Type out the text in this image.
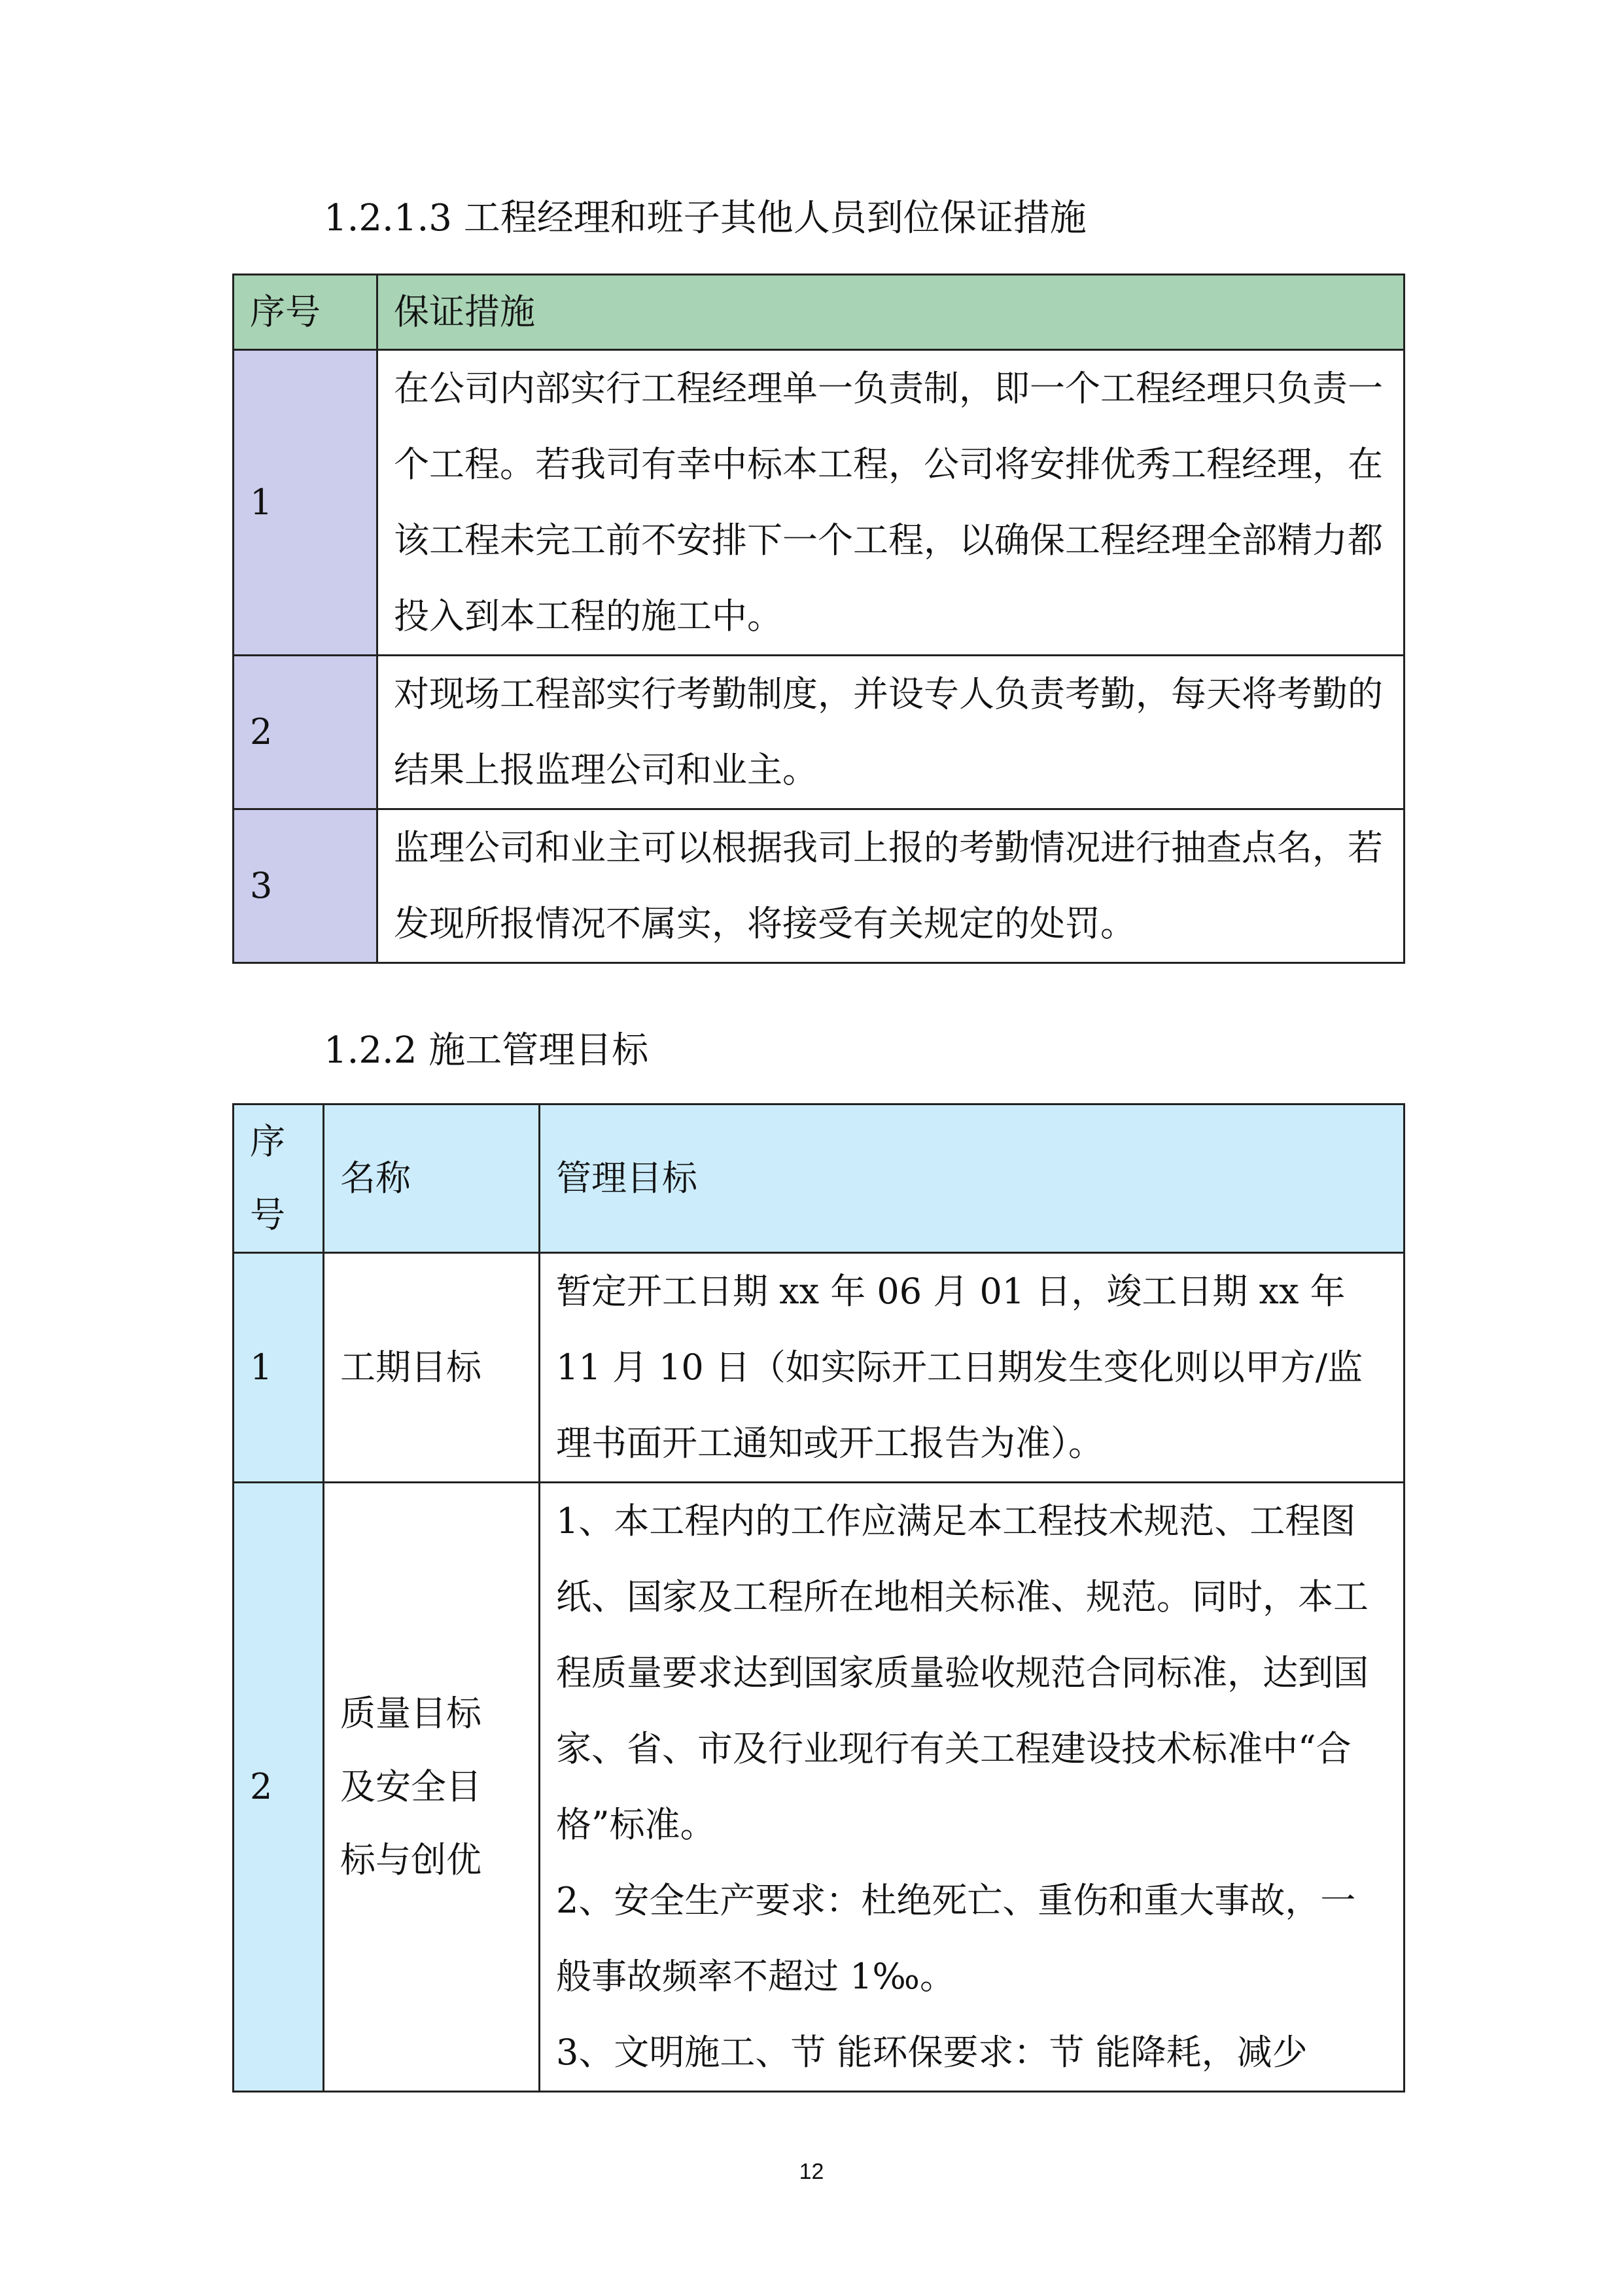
1.2.1.3 工程经理和班子其他人员到位保证措施
序号	保证措施
1	在公司内部实行工程经理单一负责制，即一个工程经理只负责一个工程。若我司有幸中标本工程，公司将安排优秀工程经理，在该工程未完工前不安排下一个工程，以确保工程经理全部精力都投入到本工程的施工中。
2	对现场工程部实行考勤制度，并设专人负责考勤，每天将考勤的结果上报监理公司和业主。
3	监理公司和业主可以根据我司上报的考勤情况进行抽查点名，若发现所报情况不属实，将接受有关规定的处罚。
1.2.2 施工管理目标
序
号	名称	管理目标
1	工期目标	暂定开工日期 xx 年 06 月 01 日，竣工日期 xx 年 11 月 10 日（如实际开工日期发生变化则以甲方/监理书面开工通知或开工报告为准）。
2	质量目标
及安全目
标与创优	1、本工程内的工作应满足本工程技术规范、工程图纸、国家及工程所在地相关标准、规范。同时，本工程质量要求达到国家质量验收规范合同标准，达到国家、省、市及行业现行有关工程建设技术标准中“合格”标准。
2、安全生产要求：杜绝死亡、重伤和重大事故，一般事故频率不超过 1‰。
3、文明施工、节 能环保要求：节 能降耗，减少
12
